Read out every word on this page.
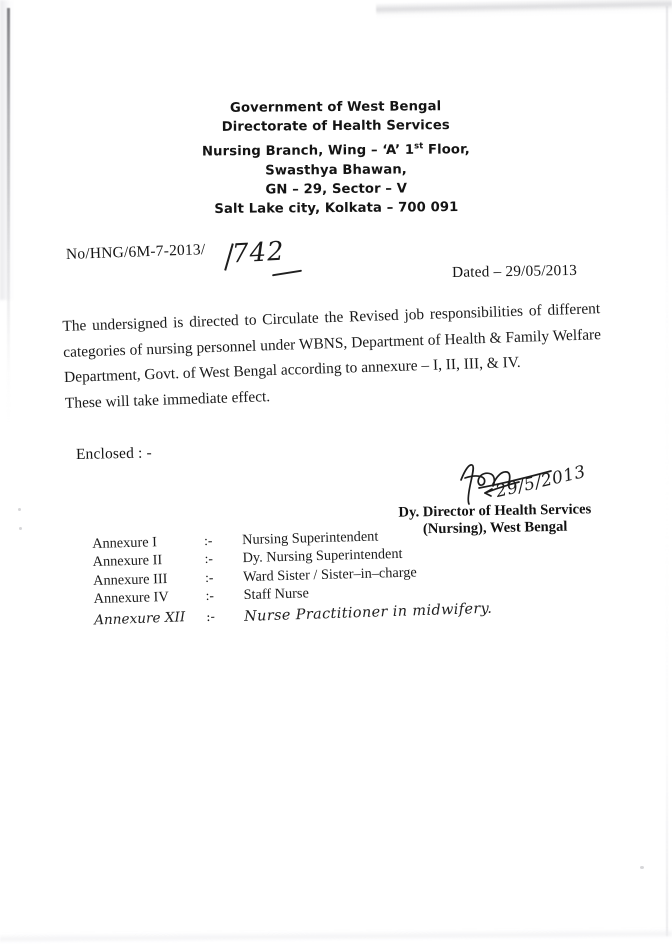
Government of West Bengal
Directorate of Health Services
Nursing Branch, Wing – ‘A’ 1st Floor,
Swasthya Bhawan,
GN – 29, Sector – V
Salt Lake city, Kolkata – 700 091
No/HNG/6M-7-2013/ 742
Dated – 29/05/2013

The undersigned is directed to Circulate the Revised job responsibilities of different categories of nursing personnel under WBNS, Department of Health & Family Welfare Department, Govt. of West Bengal according to annexure – I, II, III, & IV.

These will take immediate effect.

Enclosed : -
29/5/2013
Dy. Director of Health Services
(Nursing), West Bengal
Annexure I	:-	Nursing Superintendent
Annexure II	:-	Dy. Nursing Superintendent
Annexure III	:-	Ward Sister / Sister–in–charge
Annexure IV	:-	Staff Nurse
Annexure XII	:-	Nurse Practitioner in midwifery.
